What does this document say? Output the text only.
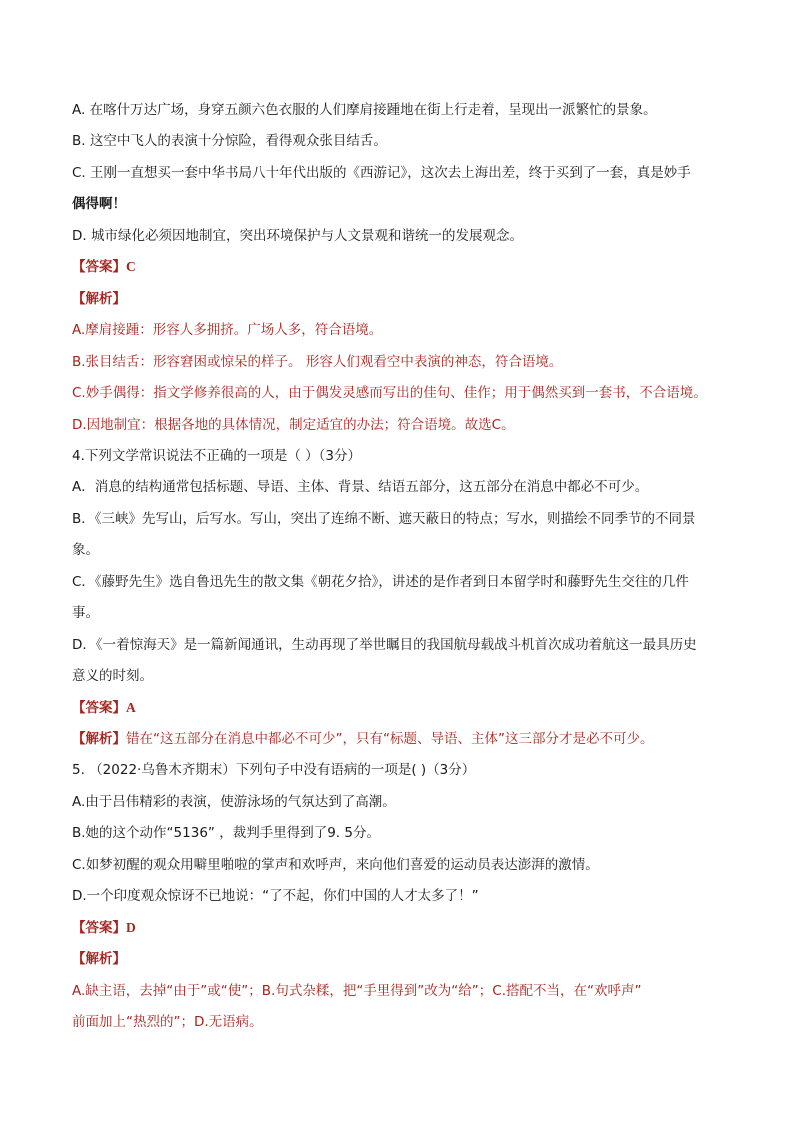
A. 在喀什万达广场，身穿五颜六色衣服的人们摩肩接踵地在街上行走着，呈现出一派繁忙的景象。
B. 这空中飞人的表演十分惊险，看得观众张目结舌。
C. 王刚一直想买一套中华书局八十年代出版的《西游记》，这次去上海出差，终于买到了一套，真是妙手
偶得啊！
D. 城市绿化必须因地制宜，突出环境保护与人文景观和谐统一的发展观念。
【答案】C
【解析】
A.摩肩接踵：形容人多拥挤。广场人多，符合语境。
B.张目结舌：形容窘困或惊呆的样子。 形容人们观看空中表演的神态，符合语境。
C.妙手偶得：指文学修养很高的人，由于偶发灵感而写出的佳句、佳作；用于偶然买到一套书，不合语境。
D.因地制宜：根据各地的具体情况，制定适宜的办法；符合语境。故选C。
4.下列文学常识说法不正确的一项是（ ）（3分）
A．消息的结构通常包括标题、导语、主体、背景、结语五部分，这五部分在消息中都必不可少。
B．《三峡》先写山，后写水。写山，突出了连绵不断、遮天蔽日的特点；写水，则描绘不同季节的不同景
象。
C．《藤野先生》选自鲁迅先生的散文集《朝花夕拾》，讲述的是作者到日本留学时和藤野先生交往的几件
事。
D．《一着惊海天》是一篇新闻通讯，生动再现了举世瞩目的我国航母载战斗机首次成功着航这一最具历史
意义的时刻。
【答案】A
【解析】错在“这五部分在消息中都必不可少”，只有“标题、导语、主体”这三部分才是必不可少。
5. （2022·乌鲁木齐期末）下列句子中没有语病的一项是( )（3分）
A.由于吕伟精彩的表演，使游泳场的气氛达到了高潮。
B.她的这个动作“5136” ，裁判手里得到了9. 5分。
C.如梦初醒的观众用噼里啪啦的掌声和欢呼声，来向他们喜爱的运动员表达澎湃的激情。
D.一个印度观众惊讶不已地说：“了不起，你们中国的人才太多了！”
【答案】D
【解析】
A.缺主语，去掉“由于”或“使”；B.句式杂糅，把“手里得到”改为“给”；C.搭配不当，在“欢呼声”
前面加上“热烈的”；D.无语病。
